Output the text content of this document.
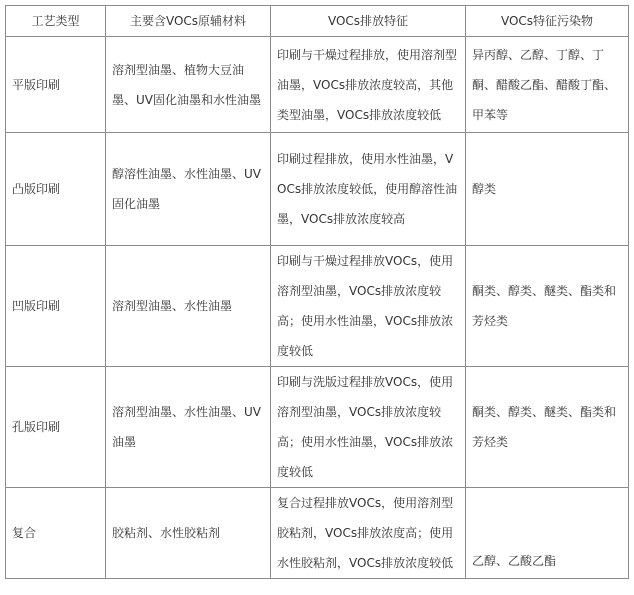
工艺类型	主要含VOCs原辅材料	VOCs排放特征	VOCs特征污染物
平版印刷	溶剂型油墨、植物大豆油墨、UV固化油墨和水性油墨	印刷与干燥过程排放，使用溶剂型油墨，VOCs排放浓度较高，其他类型油墨，VOCs排放浓度较低	异丙醇、乙醇、丁醇、丁酮、醋酸乙酯、醋酸丁酯、甲苯等
凸版印刷	醇溶性油墨、水性油墨、UV固化油墨	印刷过程排放，使用水性油墨，VOCs排放浓度较低，使用醇溶性油墨，VOCs排放浓度较高	醇类
凹版印刷	溶剂型油墨、水性油墨	印刷与干燥过程排放VOCs，使用溶剂型油墨，VOCs排放浓度较高；使用水性油墨，VOCs排放浓度较低	酮类、醇类、醚类、酯类和芳烃类
孔版印刷	溶剂型油墨、水性油墨、UV油墨	印刷与洗版过程排放VOCs，使用溶剂型油墨，VOCs排放浓度较高；使用水性油墨，VOCs排放浓度较低	酮类、醇类、醚类、酯类和芳烃类
复合	胶粘剂、水性胶粘剂	复合过程排放VOCs，使用溶剂型胶粘剂，VOCs排放浓度高；使用水性胶粘剂，VOCs排放浓度较低	乙醇、乙酸乙酯
